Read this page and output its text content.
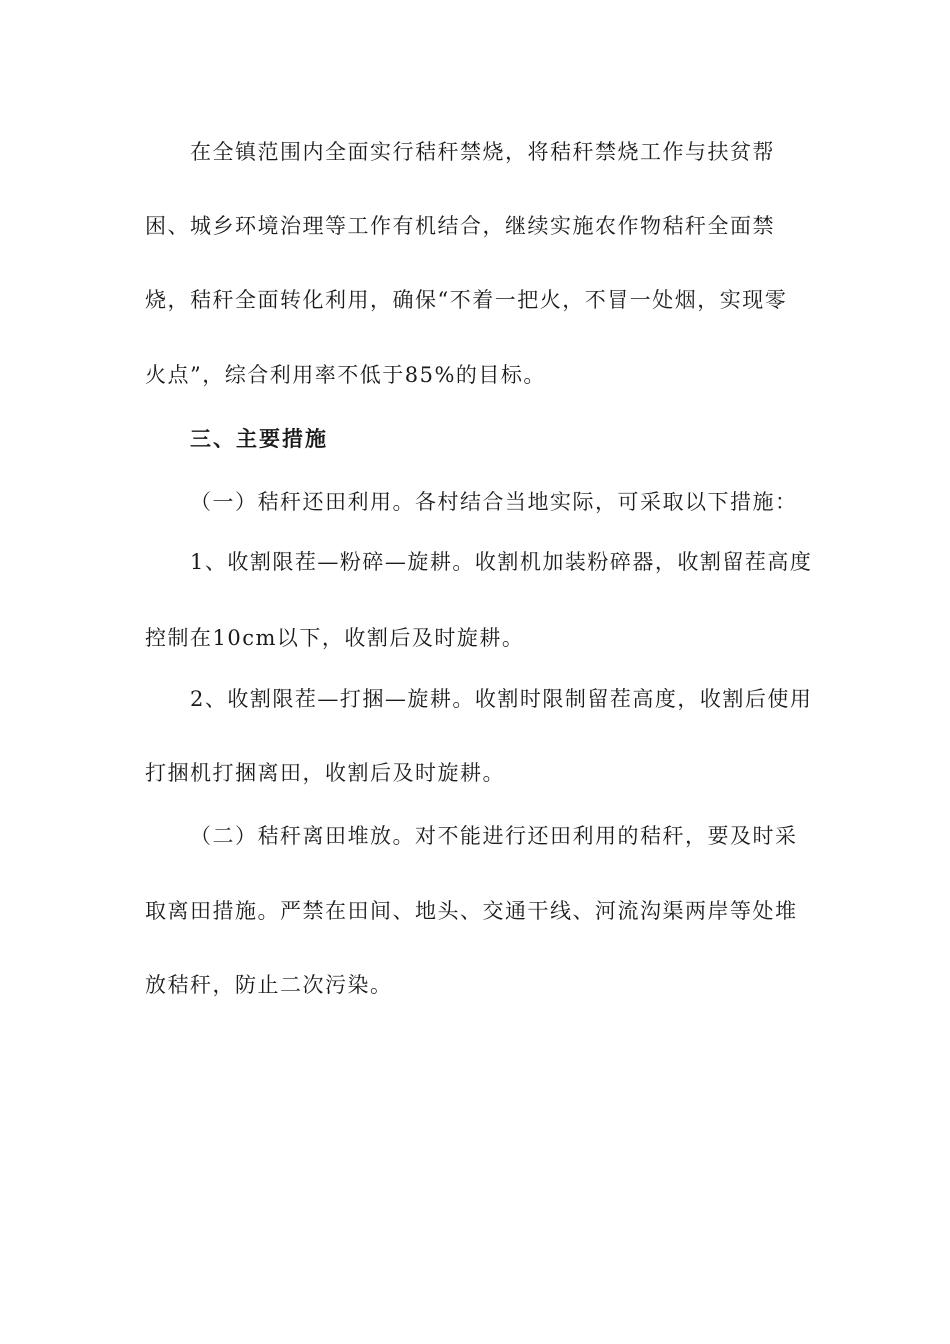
在全镇范围内全面实行秸秆禁烧，将秸秆禁烧工作与扶贫帮
困、城乡环境治理等工作有机结合，继续实施农作物秸秆全面禁
烧，秸秆全面转化利用，确保“不着一把火，不冒一处烟，实现零
火点”，综合利用率不低于85%的目标。
三、主要措施
（一）秸秆还田利用。各村结合当地实际，可采取以下措施：
1、收割限茬—粉碎—旋耕。收割机加装粉碎器，收割留茬高度
控制在10cm以下，收割后及时旋耕。
2、收割限茬—打捆—旋耕。收割时限制留茬高度，收割后使用
打捆机打捆离田，收割后及时旋耕。
（二）秸秆离田堆放。对不能进行还田利用的秸秆，要及时采
取离田措施。严禁在田间、地头、交通干线、河流沟渠两岸等处堆
放秸秆，防止二次污染。
